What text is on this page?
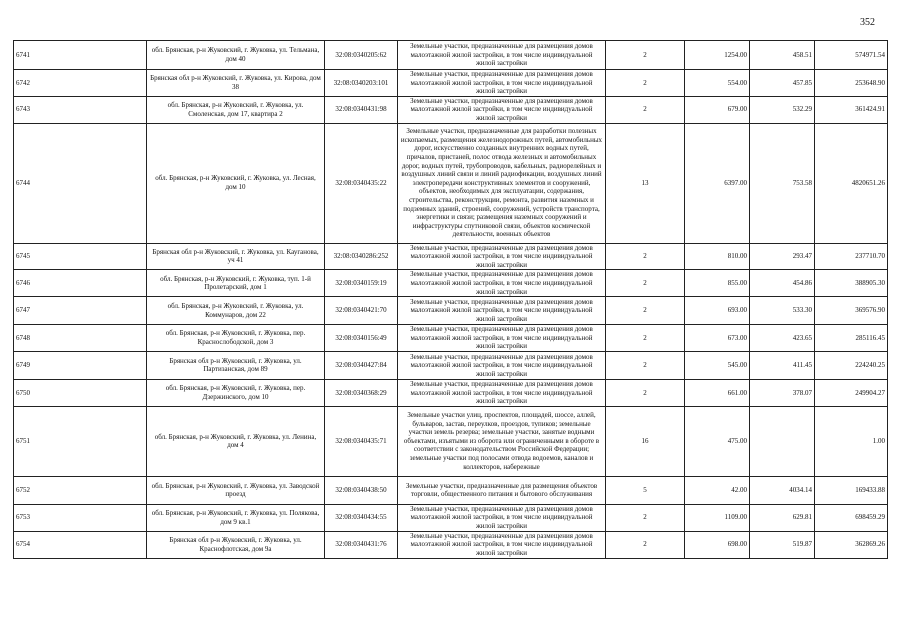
352
6741	обл. Брянская, р-н Жуковский, г. Жуковка, ул. Тельмана, дом 40	32:08:0340205:62	Земельные участки, предназначенные для размещения домов малоэтажной жилой застройки, в том числе индивидуальной жилой застройки	2	1254.00	458.51	574971.54
6742	Брянская обл р-н Жуковский, г. Жуковка, ул. Кирова, дом 38	32:08:0340203:101	Земельные участки, предназначенные для размещения домов малоэтажной жилой застройки, в том числе индивидуальной жилой застройки	2	554.00	457.85	253648.90
6743	обл. Брянская, р-н Жуковский, г. Жуковка, ул. Смоленская, дом 17, квартира 2	32:08:0340431:98	Земельные участки, предназначенные для размещения домов малоэтажной жилой застройки, в том числе индивидуальной жилой застройки	2	679.00	532.29	361424.91
6744	обл. Брянская, р-н Жуковский, г. Жуковка, ул. Лесная, дом 10	32:08:0340435:22	Земельные участки, предназначенные для разработки полезных ископаемых, размещения железнодорожных путей, автомобильных дорог, искусственно созданных внутренних водных путей, причалов, пристаней, полос отвода железных и автомобильных дорог, водных путей, трубопроводов, кабельных, радиорелейных и воздушных линий связи и линий радиофикации, воздушных линий электропередачи конструктивных элементов и сооружений, объектов, необходимых для эксплуатации, содержания, строительства, реконструкции, ремонта, развития наземных и подземных зданий, строений, сооружений, устройств транспорта, энергетики и связи; размещения наземных сооружений и инфраструктуры спутниковой связи, объектов космической деятельности, военных объектов	13	6397.00	753.58	4820651.26
6745	Брянская обл р-н Жуковский, г. Жуковка, ул. Кауганова, уч 41	32:08:0340286:252	Земельные участки, предназначенные для размещения домов малоэтажной жилой застройки, в том числе индивидуальной жилой застройки	2	810.00	293.47	237710.70
6746	обл. Брянская, р-н Жуковский, г. Жуковка, туп. 1-й Пролетарский, дом 1	32:08:0340159:19	Земельные участки, предназначенные для размещения домов малоэтажной жилой застройки, в том числе индивидуальной жилой застройки	2	855.00	454.86	388905.30
6747	обл. Брянская, р-н Жуковский, г. Жуковка, ул. Коммунаров, дом 22	32:08:0340421:70	Земельные участки, предназначенные для размещения домов малоэтажной жилой застройки, в том числе индивидуальной жилой застройки	2	693.00	533.30	369576.90
6748	обл. Брянская, р-н Жуковский, г. Жуковка, пер. Краснослободской, дом 3	32:08:0340156:49	Земельные участки, предназначенные для размещения домов малоэтажной жилой застройки, в том числе индивидуальной жилой застройки	2	673.00	423.65	285116.45
6749	Брянская обл р-н Жуковский, г. Жуковка, ул. Партизанская, дом 89	32:08:0340427:84	Земельные участки, предназначенные для размещения домов малоэтажной жилой застройки, в том числе индивидуальной жилой застройки	2	545.00	411.45	224240.25
6750	обл. Брянская, р-н Жуковский, г. Жуковка, пер. Дзержинского, дом 10	32:08:0340368:29	Земельные участки, предназначенные для размещения домов малоэтажной жилой застройки, в том числе индивидуальной жилой застройки	2	661.00	378.07	249904.27
6751	обл. Брянская, р-н Жуковский, г. Жуковка, ул. Ленина, дом 4	32:08:0340435:71	Земельные участки улиц, проспектов, площадей, шоссе, аллей, бульваров, застав, переулков, проездов, тупиков; земельные участки земель резерва; земельные участки, занятые водными объектами, изъятыми из оборота или ограниченными в обороте в соответствии с законодательством Российской Федерации; земельные участки под полосами отвода водоемов, каналов и коллекторов, набережные	16	475.00		1.00
6752	обл. Брянская, р-н Жуковский, г. Жуковка, ул. Заводской проезд	32:08:0340438:50	Земельные участки, предназначенные для размещения объектов торговли, общественного питания и бытового обслуживания	5	42.00	4034.14	169433.88
6753	обл. Брянская, р-н Жуковский, г. Жуковка, ул. Полякова, дом 9 кв.1	32:08:0340434:55	Земельные участки, предназначенные для размещения домов малоэтажной жилой застройки, в том числе индивидуальной жилой застройки	2	1109.00	629.81	698459.29
6754	Брянская обл р-н Жуковский, г. Жуковка, ул. Краснофлотская, дом 9а	32:08:0340431:76	Земельные участки, предназначенные для размещения домов малоэтажной жилой застройки, в том числе индивидуальной жилой застройки	2	698.00	519.87	362869.26
